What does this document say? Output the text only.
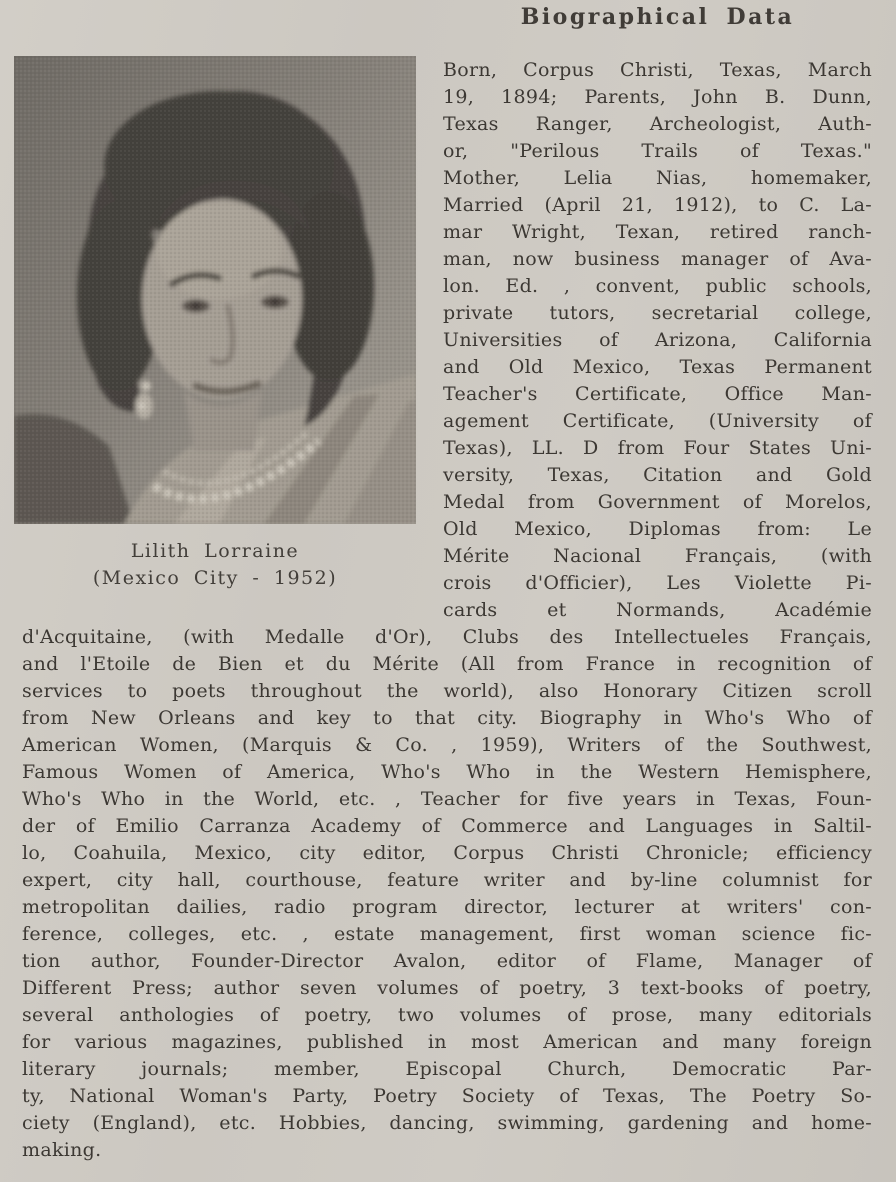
Lilith Lorraine
(Mexico City - 1952)
Biographical Data
Born, Corpus Christi, Texas, March
19, 1894; Parents, John B. Dunn,
Texas Ranger, Archeologist, Auth-
or, "Perilous Trails of Texas."
Mother, Lelia Nias, homemaker,
Married (April 21, 1912), to C. La-
mar Wright, Texan, retired ranch-
man, now business manager of Ava-
lon. Ed. , convent, public schools,
private tutors, secretarial college,
Universities of Arizona, California
and Old Mexico, Texas Permanent
Teacher's Certificate, Office Man-
agement Certificate, (University of
Texas), LL. D from Four States Uni-
versity, Texas, Citation and Gold
Medal from Government of Morelos,
Old Mexico, Diplomas from: Le
Mérite Nacional Français, (with
crois d'Officier), Les Violette Pi-
cards et Normands, Académie
d'Acquitaine, (with Medalle d'Or), Clubs des Intellectueles Français,
and l'Etoile de Bien et du Mérite (All from France in recognition of
services to poets throughout the world), also Honorary Citizen scroll
from New Orleans and key to that city. Biography in Who's Who of
American Women, (Marquis & Co. , 1959), Writers of the Southwest,
Famous Women of America, Who's Who in the Western Hemisphere,
Who's Who in the World, etc. , Teacher for five years in Texas, Foun-
der of Emilio Carranza Academy of Commerce and Languages in Saltil-
lo, Coahuila, Mexico, city editor, Corpus Christi Chronicle; efficiency
expert, city hall, courthouse, feature writer and by-line columnist for
metropolitan dailies, radio program director, lecturer at writers' con-
ference, colleges, etc. , estate management, first woman science fic-
tion author, Founder-Director Avalon, editor of Flame, Manager of
Different Press; author seven volumes of poetry, 3 text-books of poetry,
several anthologies of poetry, two volumes of prose, many editorials
for various magazines, published in most American and many foreign
literary journals; member, Episcopal Church, Democratic Par-
ty, National Woman's Party, Poetry Society of Texas, The Poetry So-
ciety (England), etc. Hobbies, dancing, swimming, gardening and home-
making.
